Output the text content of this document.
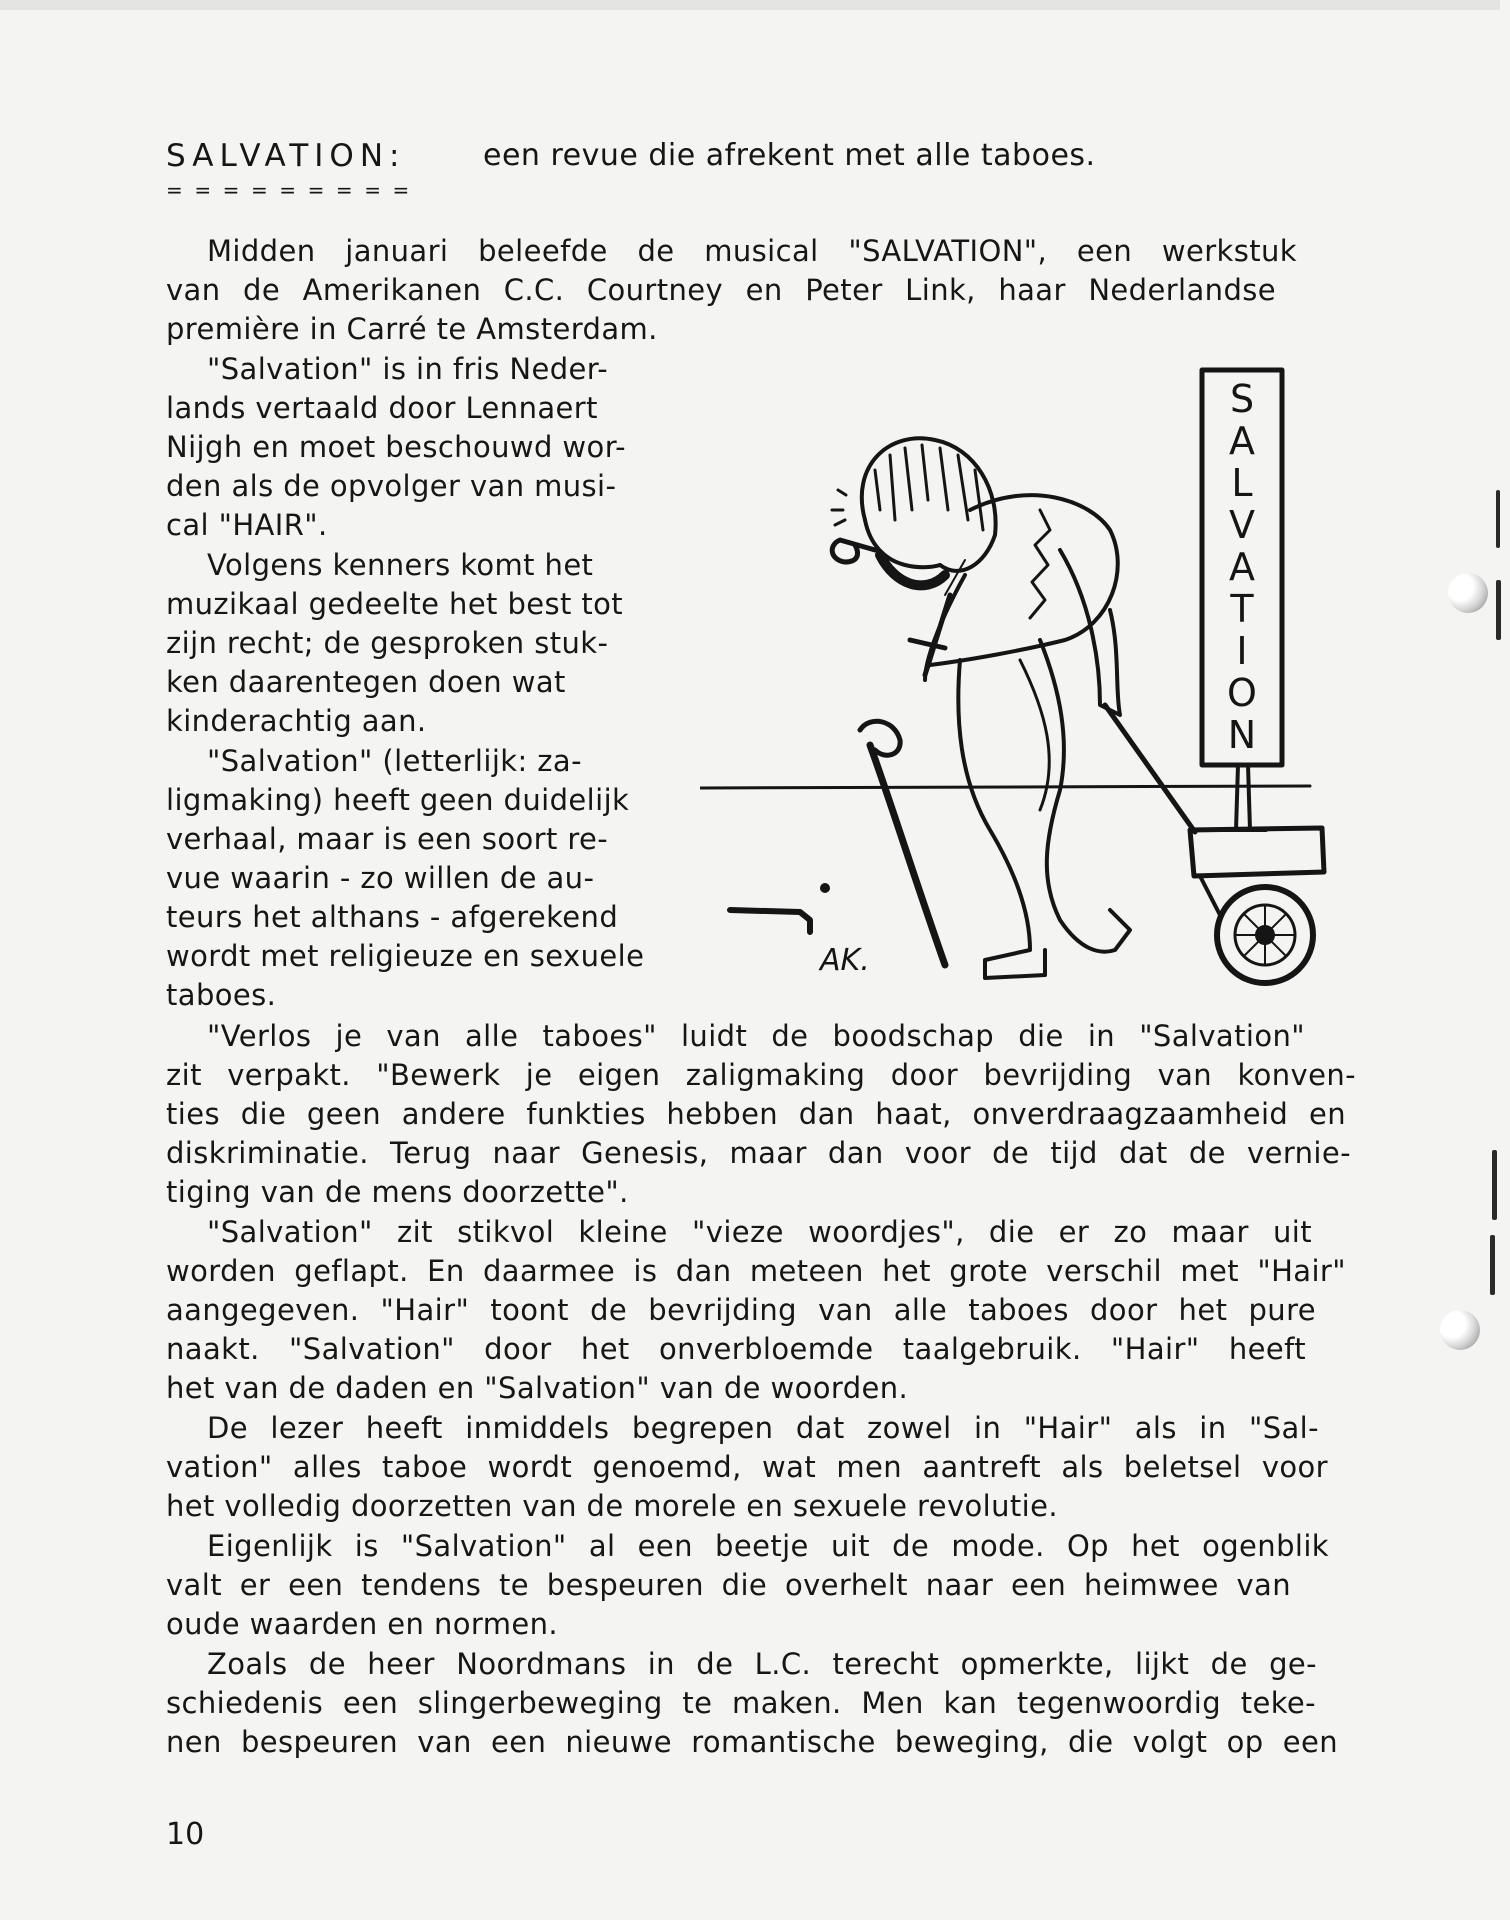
SALVATION:	een revue die afrekent met alle taboes.
= = = = = = = = =

Midden januari beleefde de musical "SALVATION", een werkstuk

van de Amerikanen C.C. Courtney en Peter Link, haar Nederlandse

première in Carré te Amsterdam.

"Salvation" is in fris Neder-

lands vertaald door Lennaert

Nijgh en moet beschouwd wor-

den als de opvolger van musi-

cal "HAIR".

Volgens kenners komt het

muzikaal gedeelte het best tot

zijn recht; de gesproken stuk-

ken daarentegen doen wat

kinderachtig aan.

"Salvation" (letterlijk: za-

ligmaking) heeft geen duidelijk

verhaal, maar is een soort re-

vue waarin - zo willen de au-

teurs het althans - afgerekend

wordt met religieuze en sexuele

taboes.

"Verlos je van alle taboes" luidt de boodschap die in "Salvation"

zit verpakt. "Bewerk je eigen zaligmaking door bevrijding van konven-

ties die geen andere funkties hebben dan haat, onverdraagzaamheid en

diskriminatie. Terug naar Genesis, maar dan voor de tijd dat de vernie-

tiging van de mens doorzette".

"Salvation" zit stikvol kleine "vieze woordjes", die er zo maar uit

worden geflapt. En daarmee is dan meteen het grote verschil met "Hair"

aangegeven. "Hair" toont de bevrijding van alle taboes door het pure

naakt. "Salvation" door het onverbloemde taalgebruik. "Hair" heeft

het van de daden en "Salvation" van de woorden.

De lezer heeft inmiddels begrepen dat zowel in "Hair" als in "Sal-

vation" alles taboe wordt genoemd, wat men aantreft als beletsel voor

het volledig doorzetten van de morele en sexuele revolutie.

Eigenlijk is "Salvation" al een beetje uit de mode. Op het ogenblik

valt er een tendens te bespeuren die overhelt naar een heimwee van

oude waarden en normen.

Zoals de heer Noordmans in de L.C. terecht opmerkte, lijkt de ge-

schiedenis een slingerbeweging te maken. Men kan tegenwoordig teke-

nen bespeuren van een nieuwe romantische beweging, die volgt op een

10
S
A
L
V
A
T
I
O
N
AK.
